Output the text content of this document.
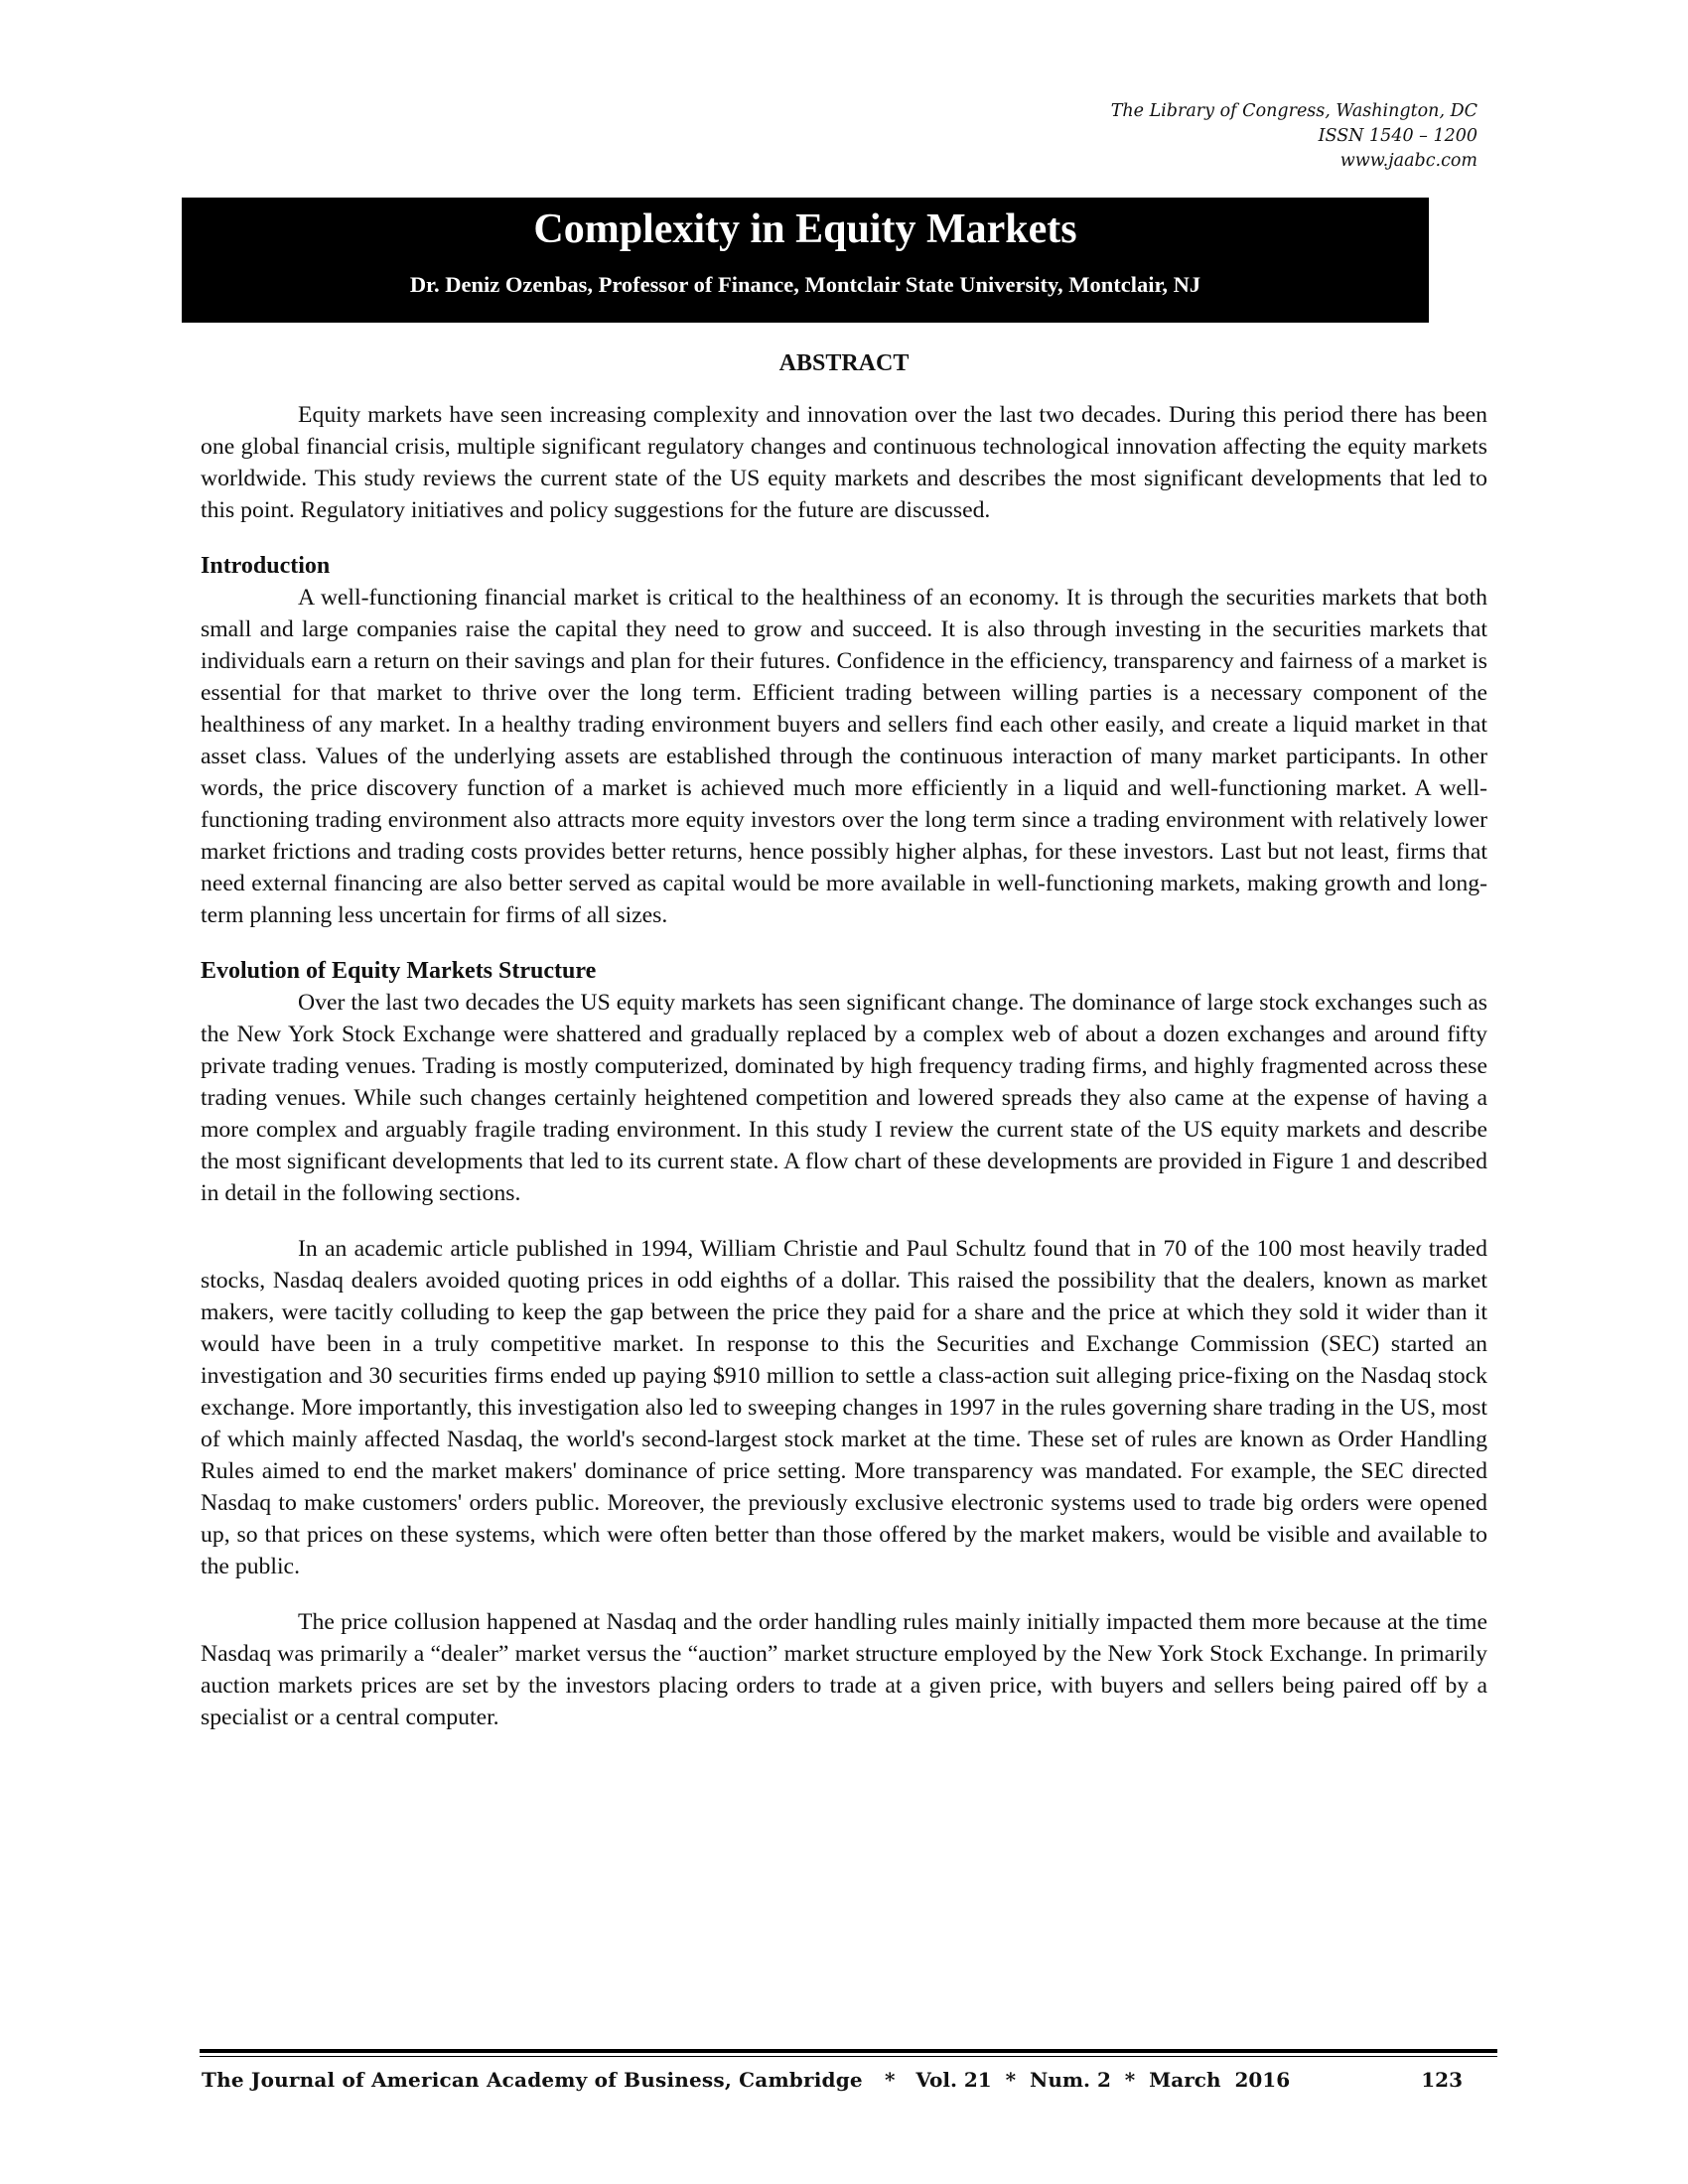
The Library of Congress, Washington, DC
ISSN 1540 – 1200
www.jaabc.com
Complexity in Equity Markets
Dr. Deniz Ozenbas, Professor of Finance, Montclair State University, Montclair, NJ
ABSTRACT

Equity markets have seen increasing complexity and innovation over the last two decades. During this period there has been one global financial crisis, multiple significant regulatory changes and continuous technological innovation affecting the equity markets worldwide. This study reviews the current state of the US equity markets and describes the most significant developments that led to this point. Regulatory initiatives and policy suggestions for the future are discussed.

Introduction

A well-functioning financial market is critical to the healthiness of an economy. It is through the securities markets that both small and large companies raise the capital they need to grow and succeed. It is also through investing in the securities markets that individuals earn a return on their savings and plan for their futures. Confidence in the efficiency, transparency and fairness of a market is essential for that market to thrive over the long term. Efficient trading between willing parties is a necessary component of the healthiness of any market. In a healthy trading environment buyers and sellers find each other easily, and create a liquid market in that asset class. Values of the underlying assets are established through the continuous interaction of many market participants. In other words, the price discovery function of a market is achieved much more efficiently in a liquid and well-functioning market. A well-functioning trading environment also attracts more equity investors over the long term since a trading environment with relatively lower market frictions and trading costs provides better returns, hence possibly higher alphas, for these investors. Last but not least, firms that need external financing are also better served as capital would be more available in well-functioning markets, making growth and long-term planning less uncertain for firms of all sizes.

Evolution of Equity Markets Structure

Over the last two decades the US equity markets has seen significant change. The dominance of large stock exchanges such as the New York Stock Exchange were shattered and gradually replaced by a complex web of about a dozen exchanges and around fifty private trading venues. Trading is mostly computerized, dominated by high frequency trading firms, and highly fragmented across these trading venues. While such changes certainly heightened competition and lowered spreads they also came at the expense of having a more complex and arguably fragile trading environment. In this study I review the current state of the US equity markets and describe the most significant developments that led to its current state. A flow chart of these developments are provided in Figure 1 and described in detail in the following sections.

In an academic article published in 1994, William Christie and Paul Schultz found that in 70 of the 100 most heavily traded stocks, Nasdaq dealers avoided quoting prices in odd eighths of a dollar. This raised the possibility that the dealers, known as market makers, were tacitly colluding to keep the gap between the price they paid for a share and the price at which they sold it wider than it would have been in a truly competitive market. In response to this the Securities and Exchange Commission (SEC) started an investigation and 30 securities firms ended up paying $910 million to settle a class-action suit alleging price-fixing on the Nasdaq stock exchange. More importantly, this investigation also led to sweeping changes in 1997 in the rules governing share trading in the US, most of which mainly affected Nasdaq, the world's second-largest stock market at the time. These set of rules are known as Order Handling Rules aimed to end the market makers' dominance of price setting. More transparency was mandated. For example, the SEC directed Nasdaq to make customers' orders public. Moreover, the previously exclusive electronic systems used to trade big orders were opened up, so that prices on these systems, which were often better than those offered by the market makers, would be visible and available to the public.

The price collusion happened at Nasdaq and the order handling rules mainly initially impacted them more because at the time Nasdaq was primarily a “dealer” market versus the “auction” market structure employed by the New York Stock Exchange. In primarily auction markets prices are set by the investors placing orders to trade at a given price, with buyers and sellers being paired off by a specialist or a central computer.

The Journal of American Academy of Business, Cambridge *   Vol. 21  *  Num. 2  *  March  2016	123
